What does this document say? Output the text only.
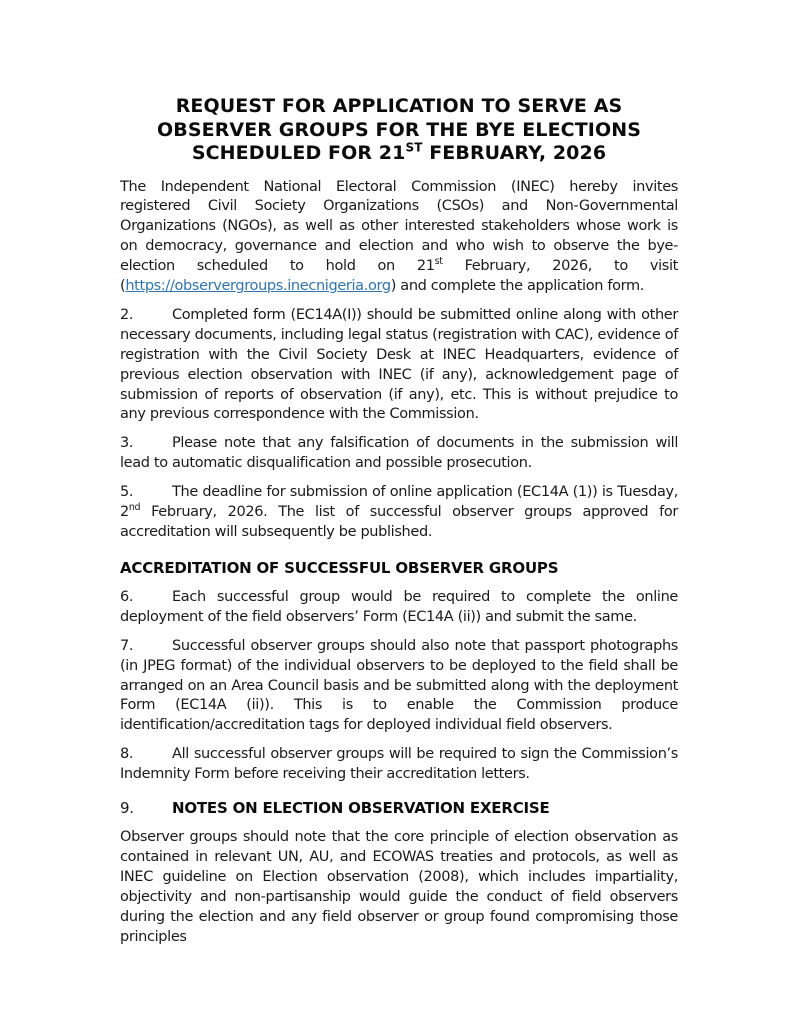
REQUEST FOR APPLICATION TO SERVE AS
OBSERVER GROUPS FOR THE BYE ELECTIONS
SCHEDULED FOR 21ST FEBRUARY, 2026

The Independent National Electoral Commission (INEC) hereby invites registered Civil Society Organizations (CSOs) and Non-Governmental Organizations (NGOs), as well as other interested stakeholders whose work is on democracy, governance and election and who wish to observe the bye- election scheduled to hold on 21st February, 2026, to visit (https://observergroups.inecnigeria.org) and complete the application form.

2.	Completed form (EC14A(I)) should be submitted online along with other necessary documents, including legal status (registration with CAC), evidence of registration with the Civil Society Desk at INEC Headquarters, evidence of previous election observation with INEC (if any), acknowledgement page of submission of reports of observation (if any), etc. This is without prejudice to any previous correspondence with the Commission.

3.	Please note that any falsification of documents in the submission will lead to automatic disqualification and possible prosecution.

5.	The deadline for submission of online application (EC14A (1)) is Tuesday, 2nd February, 2026. The list of successful observer groups approved for accreditation will subsequently be published.

ACCREDITATION OF SUCCESSFUL OBSERVER GROUPS

6.	Each successful group would be required to complete the online deployment of the field observers’ Form (EC14A (ii)) and submit the same.

7.	Successful observer groups should also note that passport photographs (in JPEG format) of the individual observers to be deployed to the field shall be arranged on an Area Council basis and be submitted along with the deployment Form (EC14A (ii)). This is to enable the Commission produce identification/accreditation tags for deployed individual field observers.

8.	All successful observer groups will be required to sign the Commission’s Indemnity Form before receiving their accreditation letters.

9.	NOTES ON ELECTION OBSERVATION EXERCISE

Observer groups should note that the core principle of election observation as contained in relevant UN, AU, and ECOWAS treaties and protocols, as well as INEC guideline on Election observation (2008), which includes impartiality, objectivity and non-partisanship would guide the conduct of field observers during the election and any field observer or group found compromising those principles
